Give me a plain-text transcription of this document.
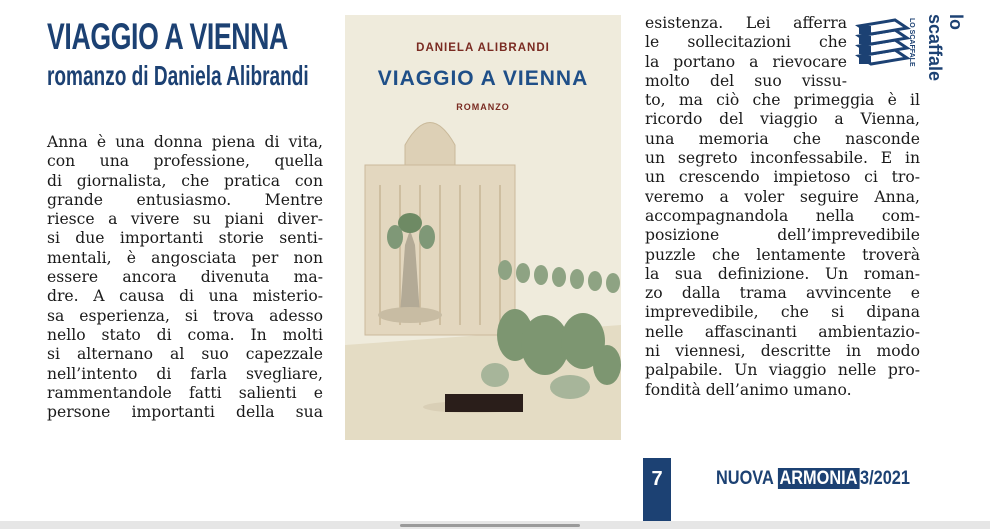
VIAGGIO A VIENNA
romanzo di Daniela Alibrandi
Anna è una donna piena di vita,
con una professione, quella
di giornalista, che pratica con
grande entusiasmo. Mentre
riesce a vivere su piani diver-
si due importanti storie senti-
mentali, è angosciata per non
essere ancora divenuta ma-
dre. A causa di una misterio-
sa esperienza, si trova adesso
nello stato di coma. In molti
si alternano al suo capezzale
nell’intento di farla svegliare,
rammentandole fatti salienti e
persone importanti della sua
DANIELA ALIBRANDI
VIAGGIO A VIENNA
ROMANZO
esistenza. Lei afferra
le sollecitazioni che
la portano a rievocare
molto del suo vissu-
to, ma ciò che primeggia è il
ricordo del viaggio a Vienna,
una memoria che nasconde
un segreto inconfessabile. E in
un crescendo impietoso ci tro-
veremo a voler seguire Anna,
accompagnandola nella com-
posizione dell’imprevedibile
puzzle che lentamente troverà
la sua definizione. Un roman-
zo dalla trama avvincente e
imprevedibile, che si dipana
nelle affascinanti ambientazio-
ni viennesi, descritte in modo
palpabile. Un viaggio nelle pro-
fondità dell’animo umano.
LO SCAFFALE lo scaffale
7	NUOVA ARMONIA 3/2021
